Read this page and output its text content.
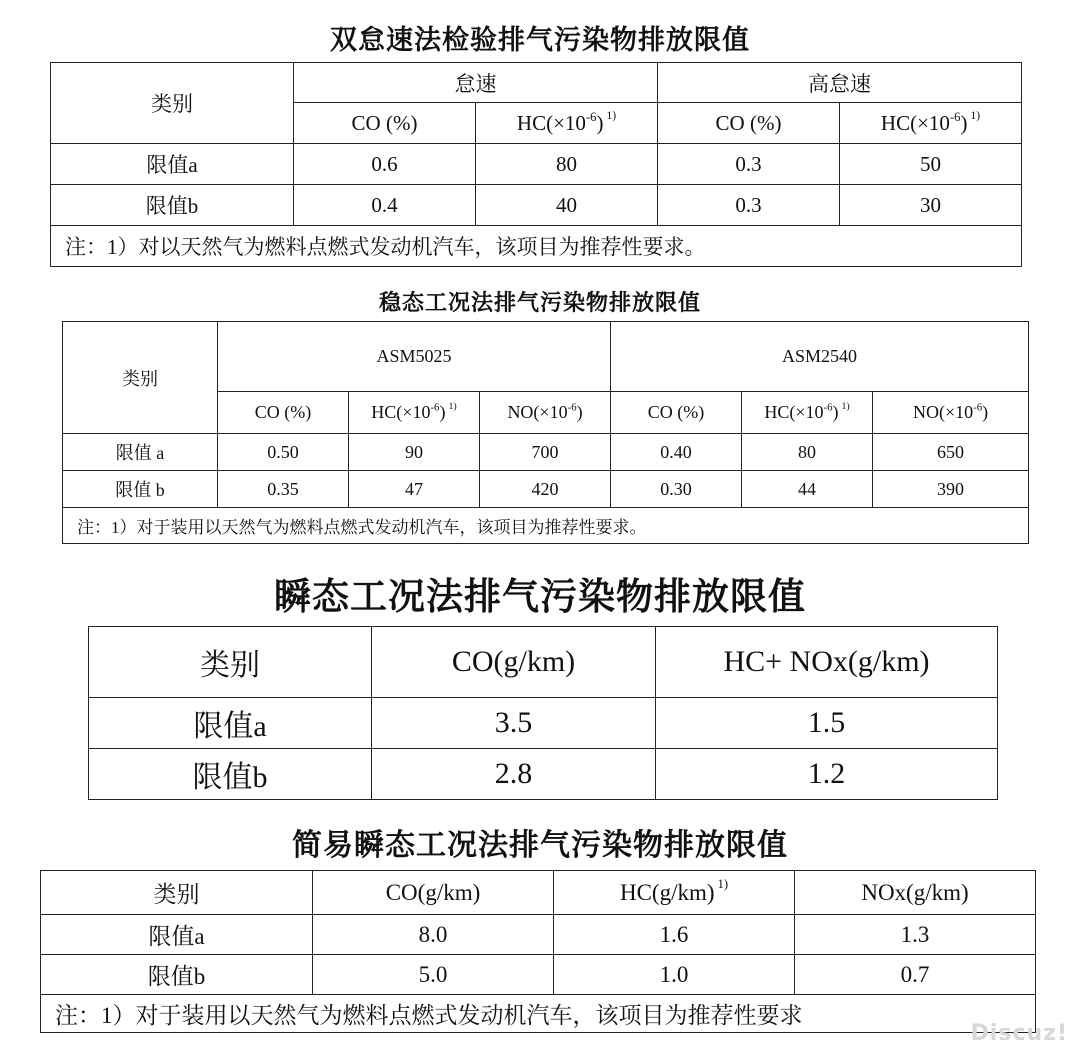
双怠速法检验排气污染物排放限值
类别	怠速		高怠速	
	CO (%)	$HC(\times 10^{-6})$ $^{1)}$	CO (%)	$HC(\times 10^{-6})$ $^{1)}$
限值a	0.6	80	0.3	50
限值b	0.4	40	0.3	30
注：1）对以天然气为燃料点燃式发动机汽车，该项目为推荐性要求。				
稳态工况法排气污染物排放限值
类别	ASM5025			ASM2540		
	CO (%)	$HC(\times 10^{-6})$ $^{1)}$	$NO(\times 10^{-6})$	CO (%)	$HC(\times 10^{-6})$ $^{1)}$	$NO(\times 10^{-6})$
限值 a	0.50	90	700	0.40	80	650
限值 b	0.35	47	420	0.30	44	390
注：1）对于装用以天然气为燃料点燃式发动机汽车，该项目为推荐性要求。						
瞬态工况法排气污染物排放限值
类别	CO(g/km)	HC+ NOx(g/km)
限值a	3.5	1.5
限值b	2.8	1.2
简易瞬态工况法排气污染物排放限值
类别	CO(g/km)	HC(g/km) $^{1)}$	NOx(g/km)
限值a	8.0	1.6	1.3
限值b	5.0	1.0	0.7
注：1）对于装用以天然气为燃料点燃式发动机汽车，该项目为推荐性要求			
Discuz!
